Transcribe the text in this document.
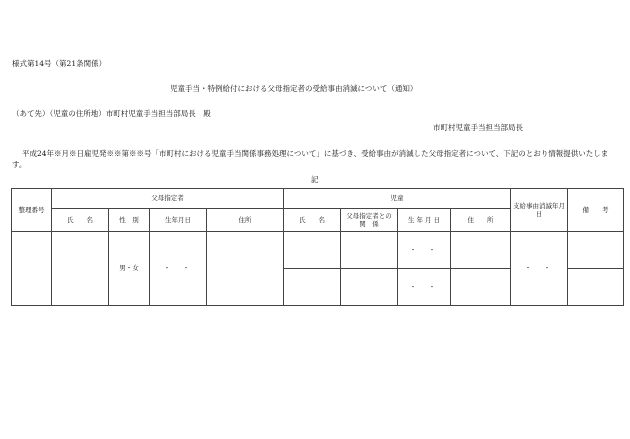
様式第14号（第21条関係）
児童手当・特例給付における父母指定者の受給事由消滅について（通知）
（あて先）（児童の住所地）市町村児童手当担当部局長　殿
市町村児童手当担当部局長
平成24年※月※日雇児発※※第※※号「市町村における児童手当関係事務処理について」に基づき、受給事由が消滅した父母指定者について、下記のとおり情報提供いたします。
記
整理番号	父母指定者				児童				支給事由消滅年月日	備　　考
	氏　　名	性　別	生年月日	住所	氏　　名	父母指定者との　関　係	生 年 月 日	住　　所		
		男・女	・　・				・　・		・　・	
							・　・			
